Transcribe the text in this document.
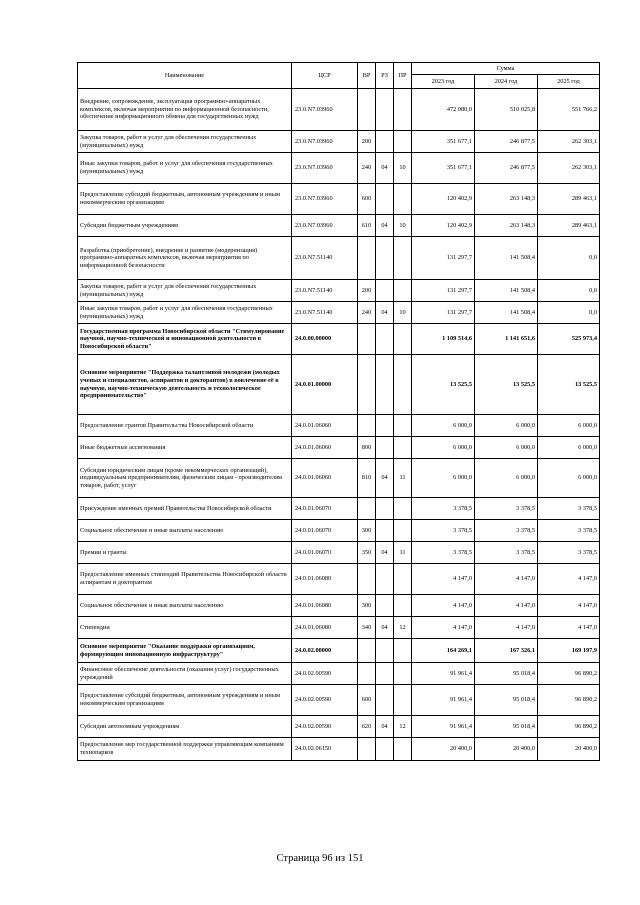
Наименование	ЦСР	ВР	РЗ	ПР	Сумма		
					2023 год	2024 год	2025 год
Внедрение, сопровождение, эксплуатация программно-аппаратных комплексов, включая мероприятия по информационной безопасности, обеспечение информационного обмена для государственных нужд	23.0.N7.03960				472 080,0	510 025,8	551 766,2
Закупка товаров, работ и услуг для обеспечения государственных (муниципальных) нужд	23.0.N7.03960	200			351 677,1	246 877,5	262 303,1
Иные закупки товаров, работ и услуг для обеспечения государственных (муниципальных) нужд	23.0.N7.03960	240	04	10	351 677,1	246 877,5	262 303,1
Предоставление субсидий бюджетным, автономным учреждениям и иным некоммерческим организациям	23.0.N7.03960	600			120 402,9	263 148,3	289 463,1
Субсидии бюджетным учреждениям	23.0.N7.03960	610	04	10	120 402,9	263 148,3	289 463,1
Разработка (приобретение), внедрение и развитие (модернизация) программно-аппаратных комплексов, включая мероприятия по информационной безопасности	23.0.N7.51140				131 297,7	141 508,4	0,0
Закупка товаров, работ и услуг для обеспечения государственных (муниципальных) нужд	23.0.N7.51140	200			131 297,7	141 508,4	0,0
Иные закупки товаров, работ и услуг для обеспечения государственных (муниципальных) нужд	23.0.N7.51140	240	04	10	131 297,7	141 508,4	0,0
Государственная программа Новосибирской области "Стимулирование научной, научно-технической и инновационной деятельности в Новосибирской области"	24.0.00.00000				1 109 514,6	1 141 651,6	525 973,4
Основное мероприятие "Поддержка талантливой молодежи (молодых ученых и специалистов, аспирантов и докторантов) в вовлечение её в научную, научно-техническую деятельность и технологическое предпринимательство"	24.0.01.00000				13 525,5	13 525,5	13 525,5
Предоставление грантов Правительства Новосибирской области	24.0.01.06060				6 000,0	6 000,0	6 000,0
Иные бюджетные ассигнования	24.0.01.06060	800			6 000,0	6 000,0	6 000,0
Субсидии юридическим лицам (кроме некоммерческих организаций), индивидуальным предпринимателям, физическим лицам - производителям товаров, работ, услуг	24.0.01.06060	810	04	11	6 000,0	6 000,0	6 000,0
Присуждение именных премий Правительства Новосибирской области	24.0.01.06070				3 378,5	3 378,5	3 378,5
Социальное обеспечение и иные выплаты населению	24.0.01.06070	300			3 378,5	3 378,5	3 378,5
Премии и гранты	24.0.01.06070	350	04	11	3 378,5	3 378,5	3 378,5
Предоставление именных стипендий Правительства Новосибирской области аспирантам и докторантам	24.0.01.06080				4 147,0	4 147,0	4 147,0
Социальное обеспечение и иные выплаты населению	24.0.01.06080	300			4 147,0	4 147,0	4 147,0
Стипендии	24.0.01.06080	340	04	12	4 147,0	4 147,0	4 147,0
Основное мероприятие "Оказание поддержки организациям, формирующим инновационную инфраструктуру"	24.0.02.00000				164 269,1	167 326,1	169 197,9
Финансовое обеспечение деятельности (оказания услуг) государственных учреждений	24.0.02.00590				91 961,4	95 018,4	96 890,2
Предоставление субсидий бюджетным, автономным учреждениям и иным некоммерческим организациям	24.0.02.00590	600			91 961,4	95 018,4	96 890,2
Субсидии автономным учреждениям	24.0.02.00590	620	04	12	91 961,4	95 018,4	96 890,2
Предоставление мер государственной поддержки управляющим компаниям технопарков	24.0.02.06150				20 400,0	20 400,0	20 400,0
Страница 96 из 151
